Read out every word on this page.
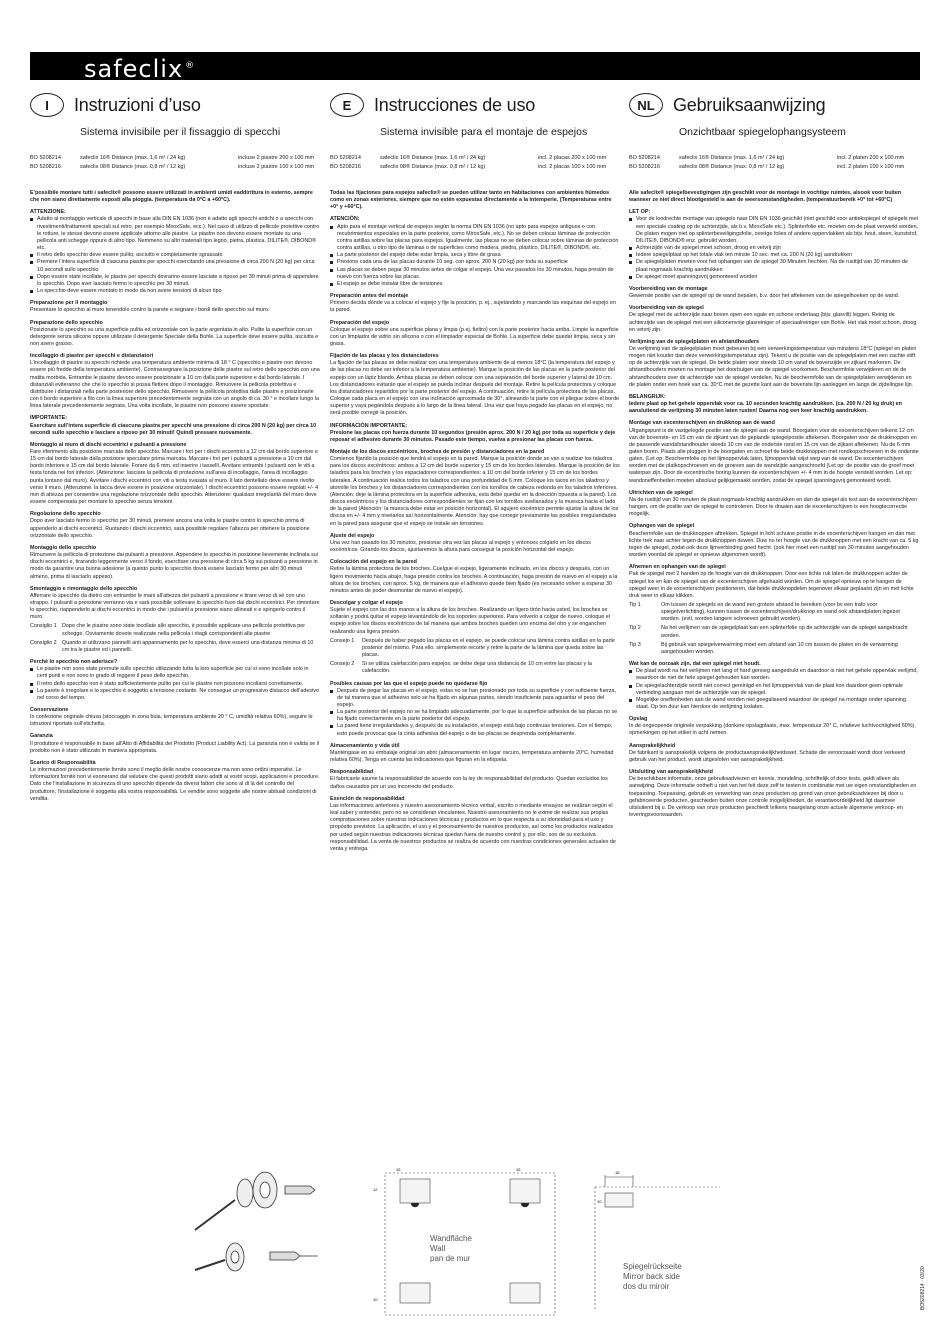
safeclix ®
I	Instruzioni d’uso
Sistema invisibile per il fissaggio di specchi
BO 5208214	safeclix 16® Distance (max. 1,6 m² / 24 kg)	incluse 2 piastre 200 x 100 mm
BO 5208216	safeclix 08® Distance (max. 0,8 m² / 12 kg)	incluse 2 piastre 100 x 100 mm
E’possibile montare tutti i safeclix® possono essere utilizzati in ambienti umidi eaddirittura in esterno, sempre che non siano direttamente esposti alla pioggia. (temperatura da 0°C a +60°C).
ATTENZIONE:
Adatto al montaggio verticale di specchi in base alla DIN EN 1036 (non è adatto agli specchi antichi o a specchi con rivestimenti/trattamenti speciali sul retro, per esempio MiroxSafe, ecc.). Nel caso di utilizzo di pellicole protettive contro le rotture, le stesse devono essere applicate attorno alle piastre. Le piastre non devono essere montate su una pellicola anti schegge oppure di altro tipo. Nemmeno su altri materiali tipo legno, pietra, plastica, DILITE®, DIBOND® etc.
Il retro dello specchio deve essere pulito, asciutto e completamente sgrassato
Premere l’intera superficie di ciascuna piastra per specchi esercitando una pressione di circa 200 N (20 kg) per circa 10 secondi sullo specchio
Dopo essere state incollate, le piastre per specchi dovranno essere lasciate a riposo per 30 minuti prima di appendere lo specchio. Dopo aver lasciato fermo lo specchio per 30 minuti.
Lo specchio deve essere montato in modo da non avere tensioni di alcun tipo
Preparazione per il montaggio
Presentare lo specchio al muro tenendolo contro la parete e segnare i bordi dello specchio sul muro.
Preparazione dello specchio
Posizionate lo specchio su una superficie pulita ed orizzontale con la parte argentata in alto. Pulite la superficie con un detergente senza silicone oppure utilizzate il detergente Speciale della Bohle. La superficie deve essere pulita, asciutta e non avere grasso.
Incollaggio di piastre per specchi e distanziatori
L’incollaggio di piastre su specchi richiede una temperatura ambiente minima di 18 ° C (specchio e piastre non devono essere più fredde della temperatura ambiente). Contrassegnare la posizione delle piastre sul retro dello specchio con una matita morbida. Entrambe le piastre devono essere posizionate a 10 cm dalla parte superiore e dal bordo laterale. I distanziali eviteranno che che lo specchio si possa flettere dopo il montaggio. Rimuovere la pellicola protettiva e distribuire i distanziali nella parte posteriore dello specchio. Rimuovere la pellicola protettiva dalle piastre e posizionarle con il bordo superiore a filo con la linea superiore precedentemente segnata con un angolo di ca. 30 ° e incollare lungo la linea laterale precedentemente segnata. Una volta incollate, le piastre non possono essere spostate.
IMPORTANTE:
Esercitare sull’intera superficie di ciascuna piastra per specchi una pressione di circa 200 N (20 kg) per circa 10 secondi sullo specchio e lasciare a riposo per 30 minuti! Quindi pressare nuovamente.
Montaggio al muro di dischi eccentrici e pulsanti a pressione
Fare riferimento alla posizione marcata dello specchio. Marcare i fori per i dischi eccentrici a 12 cm dal bordo superiore e 15 cm dal bordo laterale dalla posizione speculare prima marcata. Marcare i fori per i pulsanti a pressione a 10 cm dal bordo inferiore e 15 cm dal bordo laterale. Forare da 6 mm. ed inserire i tasselli. Avvitare entrambi i pulsanti con le viti a testa tonda nei fori inferiori. (Attenzione: lasciare la pellicola di protezione sull’area di incollaggio, l’area di incollaggio punta lontano dal muro). Avvitare i dischi eccentrici con viti a testa svasata al muro. Il lato dentellato deve essere rivolto verso il muro. (Attenzione: la tacca deve essere in posizione orizzontale). I dischi eccentrici possono essere regolati +/- 4 mm di altezza per consentire una regolazione orizzontale dello specchio. Attenzione: qualsiasi irregolarità del muro deve essere compensata per montare lo specchio senza tensioni
Regolazione dello specchio
Dopo aver lasciato fermo lo specchio per 30 minuti, premere ancora una volta le piastre contro lo specchio prima di appenderlo ai dischi eccentrici. Ruotando i dischi eccentrici, sarà possibile regolare l’altezza per ottenere la posizione orizzontale dello specchio.
Montaggio dello specchio
Rimuovere la pellicola di protezione dai pulsanti a pressione. Appendere lo specchio in posizione lievemente inclinata sui dischi eccentrici e, tirarando leggermente verso il fondo, esercitare una pressione di circa 5 kg sui pulsanti a pressione in modo da garantire una buona adesione (a questo punto lo specchio dovrà essere lasciato fermo per altri 30 minuti almeno, prima di lasciarlo appeso).
Smontaggio e rimontaggio dello specchio
Afferrare lo specchio da dietro con entrambe le mani all’altezza dei pulsanti a pressione e tirare verso di sé con uno strappo. I pulsanti a pressione verranno via e sarà possibile sollevare lo specchio fuori dai dischi eccentrici. Per rimontare lo specchio, riappenderlo ai dischi eccentrici in modo che i pulsanti a pressione siano allineati e e spingerlo contro il muro.
Consiglio 1 Dopo che le piastre sono state incollate allo specchio, è possibile applicare una pellicola protettiva per schegge. Ovviamente dovete realizzate nella pellicola i ritagli corrispondenti alle piastre
Consiglio 2 Quando si utilizzano pannelli anti appannamento per lo specchio, deve esserci una distanza minima di 10 cm tra le piastre ed i pannelli.
Perchè lo specchio non aderisce?
Le piastre non sono state premute sullo specchio utilizzando tutta la loro superficie per cui si sono incollate solo in certi punti e non sono in grado di reggere il peso dello specchio.
Il retro dello specchio non è stato sufficientemente pulito per cui le piastre non possono incollarsi correttamente.
La parete è irregolare e lo specchio è soggetto a tensione costante. Ne consegue un progressivo distacco dell’adesivo nel corso del tempo.
Conservazione
In confezione originale chiusa (stoccaggio in zona buia, temperatura ambiente 20 ° C, umidità relativa 60%), seguire le istruzioni riportate sull’etichetta.
Garanzia
Il produttore è responsabile in base all’Atto di Affidabilità del Prodotto (Product Liability Act). La garanzia non è valida se il prodotto non è stato utilizzato in maniera appropriata.
Scarico di Responsabilità
Le informazioni precedentemente fornite sono il meglio delle nostre conoscenze ma non sono ordini imperativi. Le informazioni fornite non vi esonerano dal valutare che questi prodotti siano adatti ai vostri scopi, applicazioni e procedure. Dato che l’installazione in sicurezza di uno specchio dipende da diversi fattori che sono al di là del controllo del produttore, l’installazione è soggetta alla vostra responsabilità. Le vendite sono soggette alle nostre abituali condizioni di vendita.
E	Instrucciones de uso
Sistema invisible para el montaje de espejos
BO 5208214	safeclix 16® Distance (max. 1,6 m² / 24 kg)	incl. 2 placas 200 x 100 mm
BO 5208216	safeclix 08® Distance (max. 0,8 m² / 12 kg)	incl. 2 placas 100 x 100 mm
Todas las fijaciones para espejos safeclix® se pueden utilizar tanto en habitaciones con ambientes húmedos como en zonas exteriores, siempre que no estén expuestas directamente a la intemperie. (Temperaturas entre +0° y +60°C).
ATENCIÓN:
Apto para el montaje vertical de espejos según la norma DIN EN 1036 (no apto para espejos antiguos o con recubrimientos especiales en la parte posterior, como MiroxSafe, etc.). No se deben colocar láminas de protección contra astillas sobre las placas para espejos. Igualmente, las placas no se deben colocar sobre láminas de protección contra astillas, u otro tipo de láminas o de superficies como madera, piedra, plástico, DILITE®, DIBOND®, etc.
La parte posterior del espejo debe estar limpia, seca y libre de grasa
Presione cada una de las placas durante 10 seg. con aprox. 200 N (20 kg) por toda su superficie
Las placas se deben pegar 30 minutos antes de colgar el espejo. Una vez pasados los 30 minutos, haga presión de nuevo con fuerza sobre las placas.
El espejo se debe instalar libre de tensiones
Preparación antes del montaje
Primero decida dónde va a colocar el espejo y fije la posición, p. ej., sujetándolo y marcando las esquinas del espejo en la pared.
Preparación del espejo
Coloque el espejo sobre una superficie plana y limpia (p.ej. fieltro) con la parte posterior hacia arriba. Limpie la superficie con un limpiador de vidrio sin silicona o con el limpiador especial de Bohle. La superficie debe quedar limpia, seca y sin grasa.
Fijación de las placas y los distanciadores
La fijación de las placas se debe realizar con una temperatura ambiente de al menos 18°C (la temperatura del espejo y de las placas no debe ser inferior a la temperatura ambiente). Marque la posición de las placas en la parte posterior del espejo con un lápiz blando. Ambas placas se deben colocar con una separación del borde superior y lateral de 10 cm. Los distanciadores evitarán que el espejo se pueda inclinar después del montaje. Retire la película protectora y coloque los distanciadores repartidos por la parte posterior del espejo. A continuación, retire la película protectora de las placas. Coloque cada placa en el espejo con una inclinación aproximada de 30°, alineando la parte con el pliegue sobre el borde superior y vaya pegándola después a lo largo de la línea lateral. Una vez que haya pegado las placas en el espejo, no será posible corregir la posición.
INFORMACIÓN IMPORTANTE:
Presione las placas con fuerza durante 10 segundos (presión aprox. 200 N / 20 kg) por toda su superficie y deje reposar el adhesivo durante 30 minutos. Pasado este tiempo, vuelva a presionar las placas con fuerza.
Montaje de los discos excéntricos, broches de presión y distanciadores en la pared
Comience fijando la posición que tendrá el espejo en la pared. Marque la posición donde se van a realizar los taladros para los discos excéntricos: ambos a 12 cm del borde superior y 15 cm de los bordes laterales. Marque la posición de los taladros para los broches y los espaciadores correspondientes: a 10 cm del borde inferior y 15 cm de los bordes laterales. A continuación realice todos los taladros con una profundidad de 6 mm. Coloque los tacos en los taladros y atornille los broches y los distanciadores correspondientes con los tornillos de cabeza redonda en los taladros inferiores. (Atención: deje la lámina protectora en la superficie adhesiva, esta debe quedar en la dirección opuesta a la pared). Los discos excéntricos y los distanciadores correspondientes se fijan con los tornillos avellanados y la muesca hacia el lado de la pared (Atención: la muesca debe estar en posición horizontal). El agujero excéntrico permite ajustar la altura de los discos en +/- 4 mm y nivelarlos así horizontalmente. Atención: hay que corregir previamente las posibles irregularidades en la pared para asegurar que el espejo se instale sin tensiones.
Ajuste del espejo
Una vez han pasado los 30 minutos, presionar otra vez las placas al espejo y entonces colgarlo en los discos excéntricos. Girando los discos, ajustaremos la altura para conseguir la posición horizontal del espejo.
Colocación del espejo en la pared
Retire la lámina protectora de los broches. Cuelgue el espejo, ligeramente inclinado, en los discos y después, con un ligero movimiento hacia abajo, haga presión contra los broches. A continuación, haga presión de nuevo en el espejo a la altura de los broches, con aprox. 5 kg, de manera que el adhesivo quede bien fijado (es necesario volver a esperar 30 minutos antes de poder desmontar de nuevo el espejo).
Descolgar y colgar el espejo
Sujete el espejo con las dos manos a la altura de los broches. Realizando un ligero tirón hacia usted, los broches se soltarán y podrá quitar el espejo levantándolo de los soportes superiores. Para volverlo a colgar de nuevo, coloque el espejo sobre los discos excéntricos de tal manera que ambos broches queden uno encima del otro y se enganchen realizando una ligera presión.
Consejo 1	Después de haber pegado las placas en el espejo, se puede colocar una lámina contra astillas en la parte posterior del mismo. Para ello, simplemente recorte y retire la parte de la lámina que queda sobre las placas.
Consejo 2	Si se utiliza calefacción para espejos, se debe dejar una distancia de 10 cm entre las placas y la calefacción.
Posibles causas por las que el espejo puede no quedarse fijo
Después de pegar las placas en el espejo, estas no se han presionado por toda su superficie y con suficiente fuerza, de tal manera que el adhesivo solo se ha fijado en algunas partes, siendo insuficiente para aguantar el peso del espejo.
La parte posterior del espejo no se ha limpiado adecuadamente, por lo que la superficie adhesiva de las placas no se ha fijado correctamente en la parte posterior del espejo.
La pared tiene irregularidades y, después de su instalación, el espejo está bajo continuas tensiones. Con el tiempo, esto puede provocar que la cinta adhesiva del espejo o de las placas se desprenda completamente.
Almacenamiento y vida útil
Manténgase en su embalaje original sin abrir (almacenamiento en lugar oscuro, temperatura ambiente 20°C, humedad relativa 60%). Tenga en cuenta las indicaciones que figuran en la etiqueta.
Responsabilidad
El fabricante asume la responsabilidad de acuerdo con la ley de responsabilidad del producto. Quedan excluidos los daños causados por un uso incorrecto del producto.
Exención de responsabilidad
Las informaciones anteriores y nuestro asesoramiento técnico verbal, escrito o mediante ensayos se realizan según el leal saber y entender, pero no se consideran vinculantes. Nuestro asesoramiento no le exime de realizar sus propias comprobaciones sobre nuestras indicaciones técnicas y productos en lo que respecta a su idoneidad para el uso y propósito previstos. La aplicación, el uso y el procesamiento de nuestros productos, así como los productos realizados por usted según nuestras indicaciones técnicas quedan fuera de nuestro control y, por ello, son de su exclusiva responsabilidad. La venta de nuestros productos se realiza de acuerdo con nuestras condiciones generales actuales de venta y entrega.
NL	Gebruiksaanwijzing
Onzichtbaar spiegelophangsysteem
BO 5208214	safeclix 16® Distance (max. 1,6 m² / 24 kg)	incl. 2 platen 200 x 100 mm
BO 5208216	safeclix 08® Distance (max. 0,8 m² / 12 kg)	incl. 2 platen 100 x 100 mm
Alle safeclix® spiegelbevestigingen zijn geschikt voor de montage in vochtige ruimtes, alsook voor buiten wanneer ze niet direct blootgesteld is aan de weersomstandigheden. (temperatuurbereik +0° tot +60°C)
LET OP:
Voor de loodrechte montage van spiegels naar DIN EN 1036 geschikt (niet geschikt voor antiekspiegel of spiegels met een speciale coating op de achterzijde, als b.v. MiroxSafe etc.). Splinterfolie etc. moeten om de plaat verwerkt worden. De platen mogen niet op splinterbeveiligingsfolie, overige folies of andere oppervlakken als bijv. hout, steen, kunststof, DILITE®, DIBOND® enz. gebruikt worden.
Achterzijde van de spiegel moet schoon, droog en vetvrij zijn
Iedere spiegelplaat op het totale vlak ten minste 10 sec. met ca. 200 N (20 kg) aandrukken
De spiegelplaten moeten voor het ophangen van de spiegel 30 Minuten hechten. Na de rusttijd van 30 minuten de plaat nogmaals krachtig aandrukken
De spiegel moet spanningsvrij gemonteerd worden
Voorbereiding van de montage
Gewenste positie van de spiegel op de wand bepalen, b.v. door het aftekenen van de spiegelhoeken op de wand.
Voorbereiding van de spiegel
De spiegel met de achterzijde naar boven open een egale en schone onderlaag (bijv. glasvilt) leggen. Reinig de achterzijde van de spiegel met een siliconenvrije glasreiniger of speciaalreiniger van Bohle. Het vlak moet schoon, droog en vetvrij zijn.
Verlijming van de spiegelplaten en afstandhouders
De verlijming van de spiegelplaten moet gebeuren bij een verwerkingstemperatuur van minstens 18°C (spiegel en platen mogen niet kouder dan deze verwerkingstemperatuur zijn). Tekent u de positie van de spiegelplaten met een zachte stift op de achterzijde van de spiegel. De beide platen voor steeds 10 cm vanaf de bovenzijde en zijkant markeren. De afstandhouders moeten na montage het doorbuigen van de spiegel voorkomen. Beschermfolie verwijderen en de de afstandhouders over de achterzijde van de spiegel verdelen. Nu de beschermfolie van de spiegelplaten verwijderen en de platen onder een hoek van ca. 30°C met de gezette kant aan de bovenste lijn aanleggen en langs de zijdelingse lijn.
BELANGRIJK:
Iedere plaat op het gehele oppervlak voor ca. 10 seconden krachtig aandrukken. (ca. 200 N / 20 kg druk) en aansluitend de verlijming 30 minuten laten rusten! Daarna nog een keer krachtig aandrukken.
Montage van excenterschijven en drukknop aan de wand
Uitgangspunt is de vastgelegde positie van de spiegel aan de wand. Boorgaten voor de excenterschijven telkens 12 cm van de bovenste- en 15 cm van de zijkant van de geplande spiegelpositie aftekenen. Boorgaten voor de drukknoppen en de passende wandafstandhouder steeds 10 cm van de onderste rand en 15 cm van de zijkant aftekenen. Nu de 6 mm gaten boren. Plaats alle pluggen in de boorgaten en schroef de beide drukknoppen met rondkopschroeven in de onderste gaten. (Let op: Beschermfolie op het lijmoppervlak laten, lijmoppervlak wijst weg van de wand. De excenterschijven worden met de platkopschroeven en de groeven aan de wandzijde aangeschroefd (Let op: de positie van de groef moet waterpas zijn. Door de excentrische boring kunnen de excenterschijven +/- 4 mm in de hoogte versteld worden. Let op: wandoneffenheden moeten absoluut gelijkgemaakt worden, zodat de spiegel spanningsvrij gemonteerd wordt.
Uitrichten van de spiegel
Na de rusttijd van 30 minuten de plaat nogmaals krachtig aandrukken en dan de spiegel als test aan de excenterschijven hangen, om de positie van de spiegel te controleren. Door te draaien aan de excenterschijven is een hoogtecorrectie mogelijk.
Ophangen van de spiegel
Beschermfolie van de drukknoppen aftrekken. Spiegel in licht schuine positie in de excenterschijven hangen en dan met lichte trek naar achter tegen de drukknoppen duwen. Duw nu ter hoogte van de drukknoppen met een kracht van ca. 5 kg tegen de spiegel, zodat ook deze lijmverbinding goed hecht. (ook hier moet een rusttijd van 30 minuten aangehouden worden voordat de spiegel er opnieuw afgenomen wordt).
Afnemen en ophangen van de spiegel
Pak de spiegel met 2 handen op de hoogte van de drukknoppen. Door een lichte ruk laten de drukknoppen achter de spiegel los en kan de spiegel van de excenterschijven afgehaald worden. Om de spiegel opnieuw op te hangen de spiegel weer in de excenterschijven positioneren, dat beide drukknopdelen tegenover elkaar geplaatst zijn en met lichte druk weer in elkaar klikken.
Tip 1	Om tussen de spiegels en de wand een grotere afstand te bereiken (voor bv een trafo voor spiegelverlichting), kunnen tussen de excenterschijven/drukknop en wand ook afstandplaten ingezet worden. (evtl. worden langere schroeven gebruikt worden).
Tip 2	Na het verlijmen van de spiegelplaat kan een splinterfolie op de achterzijde van de spiegel aangebracht worden.
Tip 3	Bij gebruik van spiegelverwarming moet een afstand van 10 cm tussen de platen en de verwarming aangehouden worden.
Wat kan de oorzaak zijn, dat een spiegel niet houdt.
De plaat wordt na het verlijmen niet lang of hard genoeg aangedrukt en daardoor is niet het gehele oppervlak verlijmd, waardoor de niet de hele spiegel gehouden kan worden.
De spiegelachterzijde wordt niet correct gereinigd en het lijmoppervlak van de plaat kon daardoor geen optimale verbinding aangaan met de achterzijde van de spiegel.
Mogelijke oneffenheden aan de wand worden niet geegaliseerd waardoor de spiegel na montage onder spanning staat. Op ten duur kan hierdoor de verlijming loslaten.
Opslag
In de ongeopende originele verpakking (donkere opslagplaats, max. temperatuur 20° C, relatieve luchtvochtigheid 60%), opmerkingen op het etiket in acht nemen.
Aansprakelijkheid
De fabrikant is aansprakelijk volgens de productaansprakelijkheidswet. Schade die veroorzaakt wordt door verkeerd gebruik van het product, wordt uitgesloten van aansprakelijkheid.
Uitsluiting van aansprakelijkheid
De beschikbare informatie, onze gebruiksadviezen en kennis, mondeling, schriftelijk of door tests, geldt alleen als aanwijzing. Deze informatie ontheft u niet van het feit deze zelf te testen in combinatie met uw eigen omstandigheden en toepassing. Toepassing, gebruik en verwerking van onze producten op grond van onze gebruiksadviezen bij door u gefabriceerde producten, geschieden buiten onze controle mogelijkheden, de verantwoordelijkheid ligt daarmee uitsluitend bij u. De verkoop van onze producten geschiedt telkens naargelang onze actuele algemene verkoop- en leveringsvoorwaarden.
15
12
10
15
Wandfläche
Wall
pan de mur
15
10
Spiegelrückseite
Mirror back side
dos du miroir	BO5208214 · 03/20
